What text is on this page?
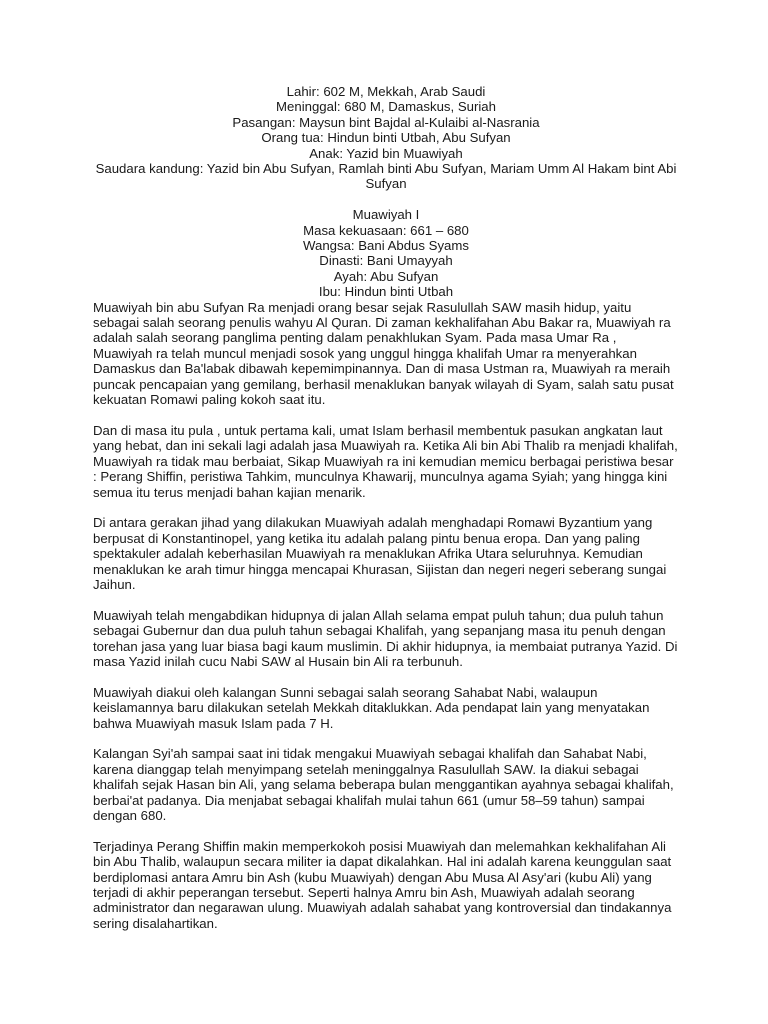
Lahir: 602 M, Mekkah, Arab Saudi
Meninggal: 680 M, Damaskus, Suriah
Pasangan: Maysun bint Bajdal al-Kulaibi al-Nasrania
Orang tua: Hindun binti Utbah, Abu Sufyan
Anak: Yazid bin Muawiyah
Saudara kandung: Yazid bin Abu Sufyan, Ramlah binti Abu Sufyan, Mariam Umm Al Hakam bint Abi Sufyan
Muawiyah I
Masa kekuasaan: 661 – 680
Wangsa: Bani Abdus Syams
Dinasti: Bani Umayyah
Ayah: Abu Sufyan
Ibu: Hindun binti Utbah

Muawiyah bin abu Sufyan Ra menjadi orang besar sejak Rasulullah SAW masih hidup, yaitu sebagai salah seorang penulis wahyu Al Quran. Di zaman kekhalifahan Abu Bakar ra, Muawiyah ra adalah salah seorang panglima penting dalam penakhlukan Syam. Pada masa Umar Ra , Muawiyah ra telah muncul menjadi sosok yang unggul hingga khalifah Umar ra menyerahkan Damaskus dan Ba'labak dibawah kepemimpinannya. Dan di masa Ustman ra, Muawiyah ra meraih puncak pencapaian yang gemilang, berhasil menaklukan banyak wilayah di Syam, salah satu pusat kekuatan Romawi paling kokoh saat itu.

Dan di masa itu pula , untuk pertama kali, umat Islam berhasil membentuk pasukan angkatan laut yang hebat, dan ini sekali lagi adalah jasa Muawiyah ra. Ketika Ali bin Abi Thalib ra menjadi khalifah, Muawiyah ra tidak mau berbaiat, Sikap Muawiyah ra ini kemudian memicu berbagai peristiwa besar : Perang Shiffin, peristiwa Tahkim, munculnya Khawarij, munculnya agama Syiah; yang hingga kini semua itu terus menjadi bahan kajian menarik.

Di antara gerakan jihad yang dilakukan Muawiyah adalah menghadapi Romawi Byzantium yang berpusat di Konstantinopel, yang ketika itu adalah palang pintu benua eropa. Dan yang paling spektakuler adalah keberhasilan Muawiyah ra menaklukan Afrika Utara seluruhnya. Kemudian menaklukan ke arah timur hingga mencapai Khurasan, Sijistan dan negeri negeri seberang sungai Jaihun.

Muawiyah telah mengabdikan hidupnya di jalan Allah selama empat puluh tahun; dua puluh tahun sebagai Gubernur dan dua puluh tahun sebagai Khalifah, yang sepanjang masa itu penuh dengan torehan jasa yang luar biasa bagi kaum muslimin. Di akhir hidupnya, ia membaiat putranya Yazid. Di masa Yazid inilah cucu Nabi SAW al Husain bin Ali ra terbunuh.

Muawiyah diakui oleh kalangan Sunni sebagai salah seorang Sahabat Nabi, walaupun keislamannya baru dilakukan setelah Mekkah ditaklukkan. Ada pendapat lain yang menyatakan bahwa Muawiyah masuk Islam pada 7 H.

Kalangan Syi'ah sampai saat ini tidak mengakui Muawiyah sebagai khalifah dan Sahabat Nabi, karena dianggap telah menyimpang setelah meninggalnya Rasulullah SAW. Ia diakui sebagai khalifah sejak Hasan bin Ali, yang selama beberapa bulan menggantikan ayahnya sebagai khalifah, berbai'at padanya. Dia menjabat sebagai khalifah mulai tahun 661 (umur 58–59 tahun) sampai dengan 680.

Terjadinya Perang Shiffin makin memperkokoh posisi Muawiyah dan melemahkan kekhalifahan Ali bin Abu Thalib, walaupun secara militer ia dapat dikalahkan. Hal ini adalah karena keunggulan saat berdiplomasi antara Amru bin Ash (kubu Muawiyah) dengan Abu Musa Al Asy'ari (kubu Ali) yang terjadi di akhir peperangan tersebut. Seperti halnya Amru bin Ash, Muawiyah adalah seorang administrator dan negarawan ulung. Muawiyah adalah sahabat yang kontroversial dan tindakannya sering disalahartikan.
